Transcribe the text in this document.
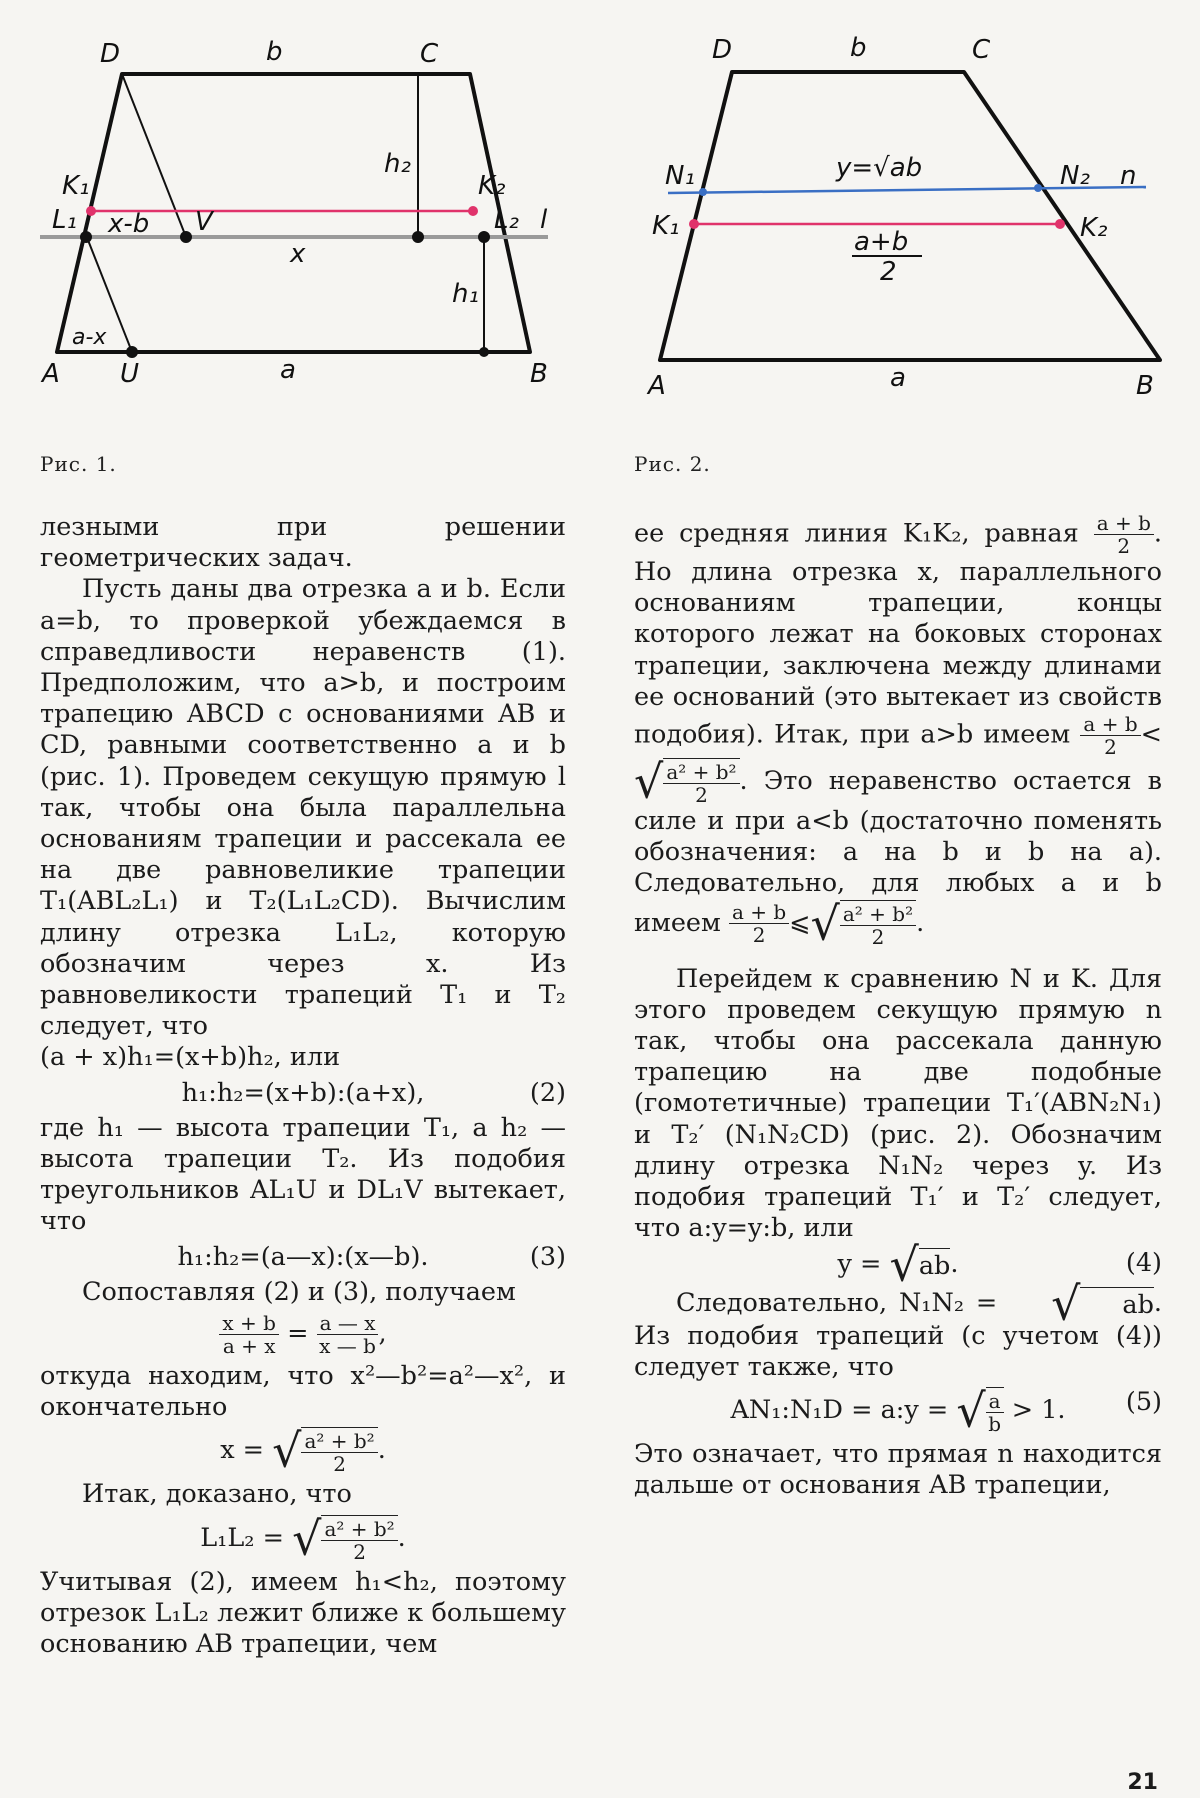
D	b	C
h₂
K₁	K₂
L₁ x-b V	L₂ l
x
h₁
a-x
A U	a	B
Рис. 1.
D	b	C
N₁	y=√ab	N₂ n
K₁
a+b
2
K₂
A	a	B
Рис. 2.

лезными при решении геометрических задач.

Пусть даны два отрезка a и b. Если a=b, то проверкой убеждаемся в справедливости неравенств (1). Предположим, что a>b, и построим трапецию ABCD с основаниями AB и CD, равными соответственно a и b (рис. 1). Проведем секущую прямую l так, чтобы она была параллельна основаниям трапеции и рассекала ее на две равновеликие трапеции T₁(ABL₂L₁) и T₂(L₁L₂CD). Вычислим длину отрезка L₁L₂, которую обозначим через x. Из равновеликости трапеций T₁ и T₂ следует, что

(a + x)h₁=(x+b)h₂, или

h₁:h₂=(x+b):(a+x),	(2)

где h₁ — высота трапеции T₁, а h₂ — высота трапеции T₂. Из подобия треугольников AL₁U и DL₁V вытекает, что

h₁:h₂=(a—x):(x—b).	(3)

Сопоставляя (2) и (3), получаем

$\frac{x + b}{a + x} = \frac{a — x}{x — b}$ ,

откуда находим, что x²—b²=a²—x², и окончательно

x = √ $\frac{\text{a² + b²}}{2}$ .

Итак, доказано, что

L₁L₂ = √ $\frac{\text{a² + b²}}{2}$ .

Учитывая (2), имеем h₁<h₂, поэтому отрезок L₁L₂ лежит ближе к большему основанию AB трапеции, чем

ее средняя линия K₁K₂, равная $\frac{a + b}{2}$ . Но длина отрезка x, параллельного основаниям трапеции, концы которого лежат на боковых сторонах трапеции, заключена между длинами ее оснований (это вытекает из свойств подобия). Итак, при a>b имеем $\frac{a + b}{2}$ <√ $\frac{\text{a² + b²}}{2}$ . Это неравенство остается в силе и при a<b (достаточно поменять обозначения: a на b и b на a). Следовательно, для любых a и b имеем $\frac{a + b}{2}$ ⩽√ $\frac{\text{a² + b²}}{2}$ .

Перейдем к сравнению N и K. Для этого проведем секущую прямую n так, чтобы она рассекала данную трапецию на две подобные (гомотетичные) трапеции T₁′(ABN₂N₁) и T₂′ (N₁N₂CD) (рис. 2). Обозначим длину отрезка N₁N₂ через y. Из подобия трапеций T₁′ и T₂′ следует, что a:y=y:b, или

y = √ab.	(4)

Следовательно, N₁N₂ = √ ab. Из подобия трапеций (с учетом (4)) следует также, что

AN₁:N₁D = a:y = √ $\frac{a}{b} > 1$. (5)

Это означает, что прямая n находится дальше от основания AB трапеции,

21
